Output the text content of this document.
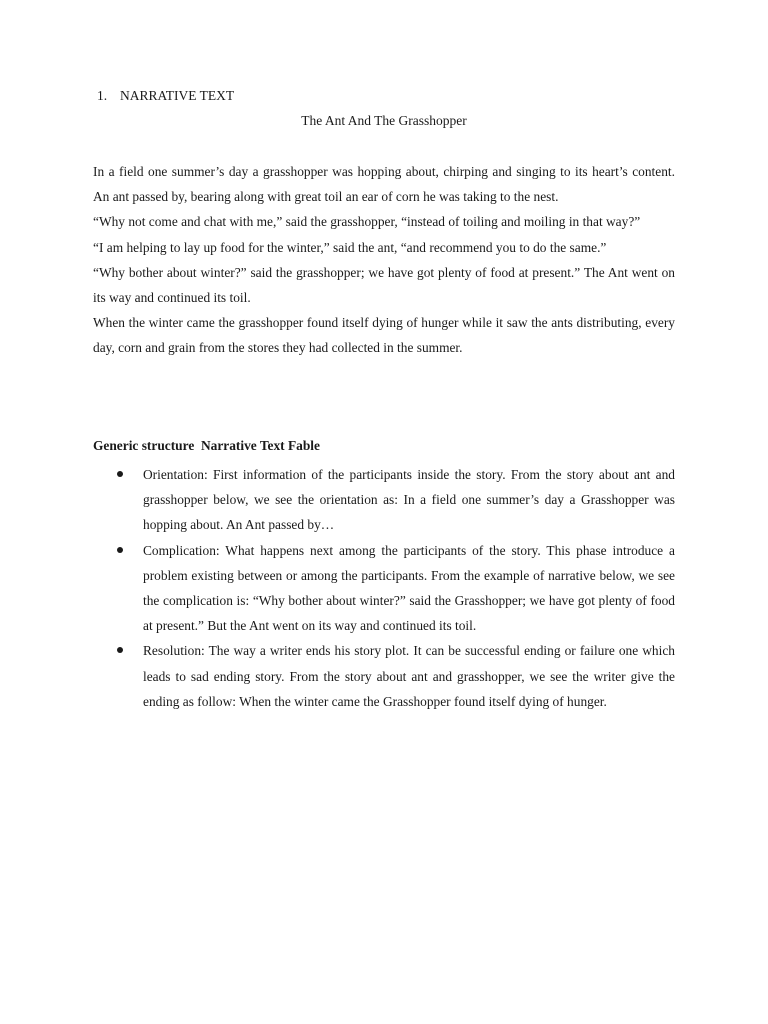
1. NARRATIVE TEXT
The Ant And The Grasshopper

In a field one summer’s day a grasshopper was hopping about, chirping and singing to its heart’s content. An ant passed by, bearing along with great toil an ear of corn he was taking to the nest.

“Why not come and chat with me,” said the grasshopper, “instead of toiling and moiling in that way?”

“I am helping to lay up food for the winter,” said the ant, “and recommend you to do the same.”

“Why bother about winter?” said the grasshopper; we have got plenty of food at present.” The Ant went on its way and continued its toil.

When the winter came the grasshopper found itself dying of hunger while it saw the ants distributing, every day, corn and grain from the stores they had collected in the summer.

Generic structure  Narrative Text Fable
Orientation: First information of the participants inside the story. From the story about ant and grasshopper below, we see the orientation as: In a field one summer’s day a Grasshopper was hopping about. An Ant passed by…
Complication: What happens next among the participants of the story. This phase introduce a problem existing between or among the participants. From the example of narrative below, we see the complication is: “Why bother about winter?” said the Grasshopper; we have got plenty of food at present.” But the Ant went on its way and continued its toil.
Resolution: The way a writer ends his story plot. It can be successful ending or failure one which leads to sad ending story. From the story about ant and grasshopper, we see the writer give the ending as follow: When the winter came the Grasshopper found itself dying of hunger.
